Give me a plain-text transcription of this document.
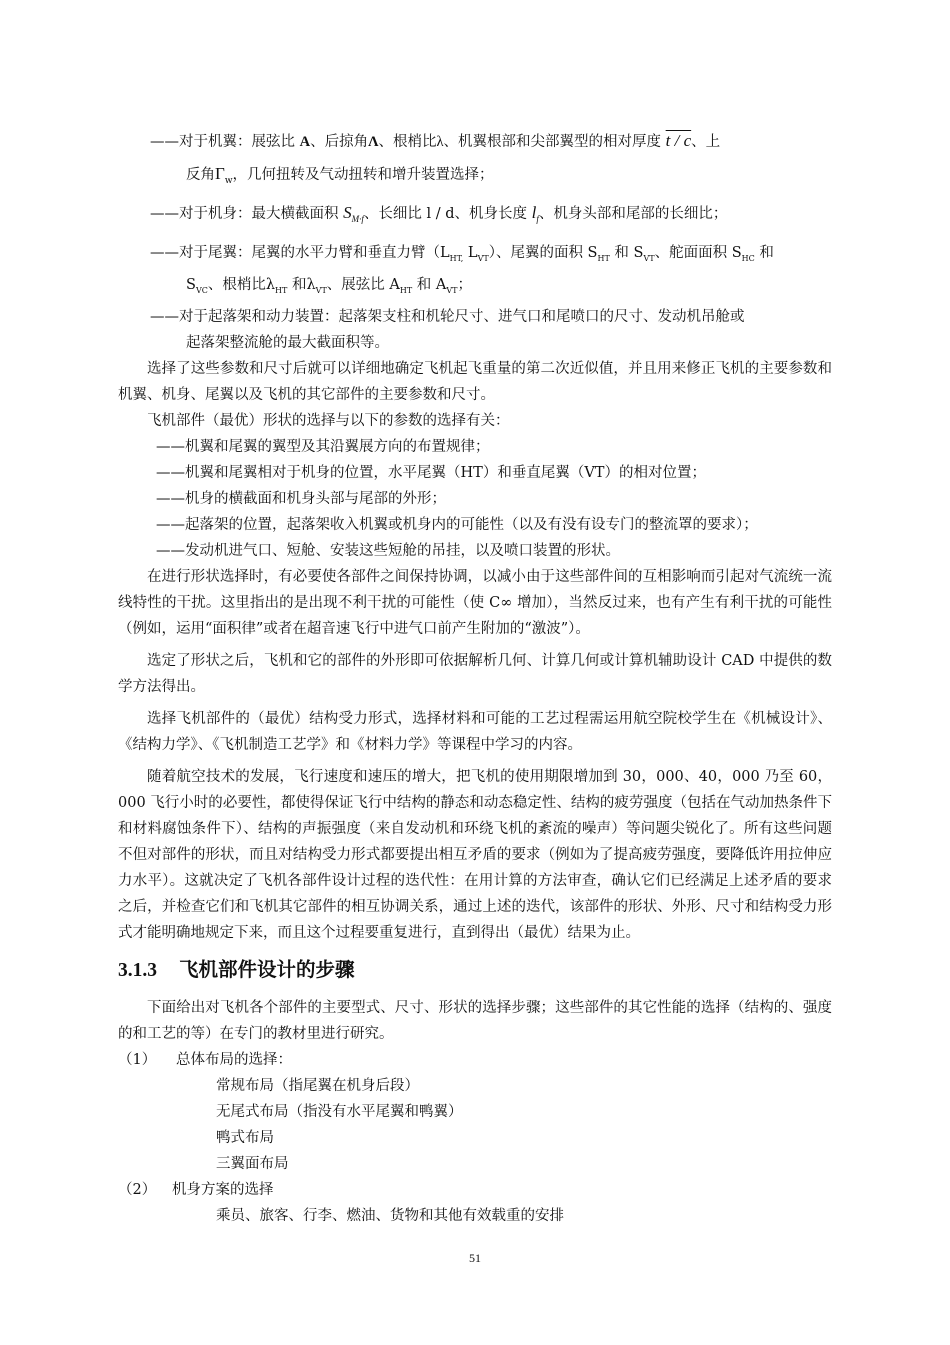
——对于机翼：展弦比 A、后掠角Λ、根梢比λ、机翼根部和尖部翼型的相对厚度 t / c、上

反角$\Gamma_w$，几何扭转及气动扭转和增升装置选择；

——对于机身：最大横截面积 $S_{M\cdot f}$、长细比 l / d、机身长度 $l_f$、机身头部和尾部的长细比；

——对于尾翼：尾翼的水平力臂和垂直力臂（$L_{HT,}$ $L_{VT}$）、尾翼的面积 $S_{HT}$ 和 $S_{VT}$、舵面面积 $S_{HC}$ 和

$S_{VC}$、根梢比$\lambda_{HT}$ 和$\lambda_{VT}$、展弦比 $A_{HT}$ 和 $A_{VT}$；

——对于起落架和动力装置：起落架支柱和机轮尺寸、进气口和尾喷口的尺寸、发动机吊舱或

起落架整流舱的最大截面积等。

选择了这些参数和尺寸后就可以详细地确定飞机起飞重量的第二次近似值，并且用来修正飞机的主要参数和机翼、机身、尾翼以及飞机的其它部件的主要参数和尺寸。

飞机部件（最优）形状的选择与以下的参数的选择有关：

——机翼和尾翼的翼型及其沿翼展方向的布置规律；

——机翼和尾翼相对于机身的位置，水平尾翼（HT）和垂直尾翼（VT）的相对位置；

——机身的横截面和机身头部与尾部的外形；

——起落架的位置，起落架收入机翼或机身内的可能性（以及有没有设专门的整流罩的要求）；

——发动机进气口、短舱、安装这些短舱的吊挂，以及喷口装置的形状。

在进行形状选择时，有必要使各部件之间保持协调，以减小由于这些部件间的互相影响而引起对气流统一流线特性的干扰。这里指出的是出现不利干扰的可能性（使 C∞ 增加），当然反过来，也有产生有利干扰的可能性（例如，运用“面积律”或者在超音速飞行中进气口前产生附加的“激波”）。

选定了形状之后，飞机和它的部件的外形即可依据解析几何、计算几何或计算机辅助设计 CAD 中提供的数学方法得出。

选择飞机部件的（最优）结构受力形式，选择材料和可能的工艺过程需运用航空院校学生在《机械设计》、《结构力学》、《飞机制造工艺学》和《材料力学》等课程中学习的内容。

随着航空技术的发展，飞行速度和速压的增大，把飞机的使用期限增加到 30，000、40，000 乃至 60，000 飞行小时的必要性，都使得保证飞行中结构的静态和动态稳定性、结构的疲劳强度（包括在气动加热条件下和材料腐蚀条件下）、结构的声振强度（来自发动机和环绕飞机的紊流的噪声）等问题尖锐化了。所有这些问题不但对部件的形状，而且对结构受力形式都要提出相互矛盾的要求（例如为了提高疲劳强度，要降低许用拉伸应力水平）。这就决定了飞机各部件设计过程的迭代性：在用计算的方法审查，确认它们已经满足上述矛盾的要求之后，并检查它们和飞机其它部件的相互协调关系，通过上述的迭代，该部件的形状、外形、尺寸和结构受力形式才能明确地规定下来，而且这个过程要重复进行，直到得出（最优）结果为止。

3.1.3 飞机部件设计的步骤

下面给出对飞机各个部件的主要型式、尺寸、形状的选择步骤；这些部件的其它性能的选择（结构的、强度的和工艺的等）在专门的教材里进行研究。

（1） 总体布局的选择：
常规布局（指尾翼在机身后段）
无尾式布局（指没有水平尾翼和鸭翼）
鸭式布局
三翼面布局
（2） 机身方案的选择
乘员、旅客、行李、燃油、货物和其他有效载重的安排
51
